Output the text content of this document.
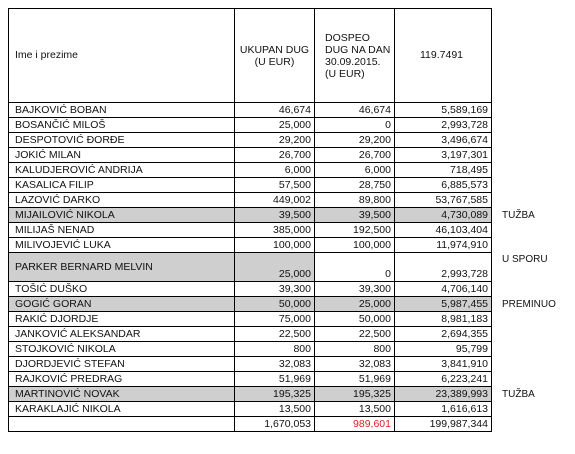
Ime i prezime	UKUPAN DUG (U EUR)	DOSPEO DUG NA DAN 30.09.2015. (U EUR)	119.7491	
BAJKOVIĆ BOBAN	46,674	46,674	5,589,169	
BOSANČIĆ MILOŠ	25,000	0	2,993,728	
DESPOTOVIĆ ĐORĐE	29,200	29,200	3,496,674	
JOKIĆ MILAN	26,700	26,700	3,197,301	
KALUDJEROVIĆ ANDRIJA	6,000	6,000	718,495	
KASALICA FILIP	57,500	28,750	6,885,573	
LAZOVIĆ DARKO	449,002	89,800	53,767,585	
MIJAILOVIĆ NIKOLA	39,500	39,500	4,730,089	TUŽBA
MILIJAŠ NENAD	385,000	192,500	46,103,404	
MILIVOJEVIĆ LUKA	100,000	100,000	11,974,910	
PARKER BERNARD MELVIN	25,000	0	2,993,728	U SPORU
TOŠIĆ DUŠKO	39,300	39,300	4,706,140	
GOGIĆ GORAN	50,000	25,000	5,987,455	PREMINUO
RAKIĆ DJORDJE	75,000	50,000	8,981,183	
JANKOVIĆ ALEKSANDAR	22,500	22,500	2,694,355	
STOJKOVIĆ NIKOLA	800	800	95,799	
DJORDJEVIĆ STEFAN	32,083	32,083	3,841,910	
RAJKOVIĆ PREDRAG	51,969	51,969	6,223,241	
MARTINOVIĆ NOVAK	195,325	195,325	23,389,993	TUŽBA
KARAKLAJIĆ NIKOLA	13,500	13,500	1,616,613	
	1,670,053	989,601	199,987,344	
